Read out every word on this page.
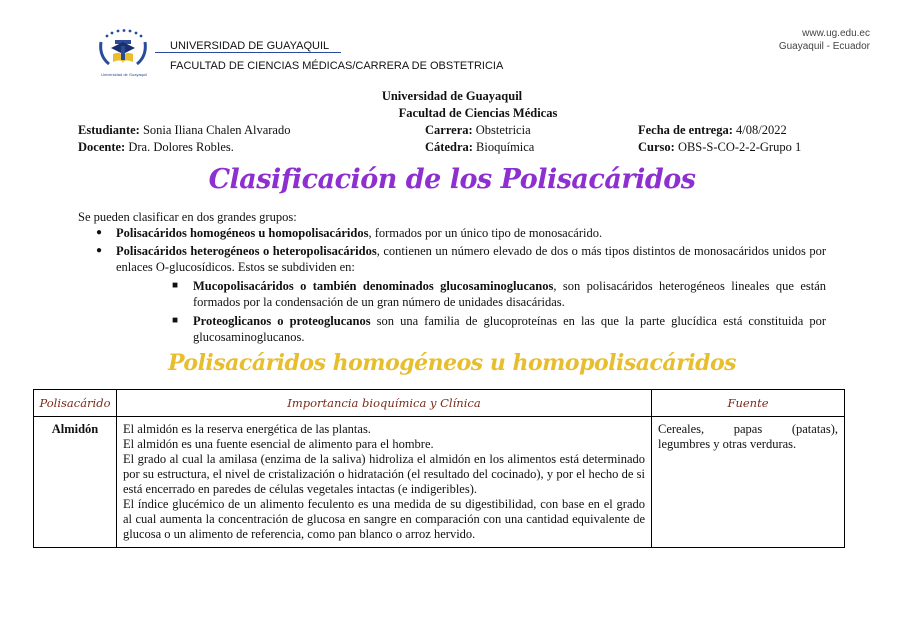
Universidad de Guayaquil
UNIVERSIDAD DE GUAYAQUIL
FACULTAD DE CIENCIAS MÉDICAS/CARRERA DE OBSTETRICIA
www.ug.edu.ec
Guayaquil - Ecuador
Universidad de Guayaquil
Facultad de Ciencias Médicas
Estudiante: Sonia Iliana Chalen Alvarado	Carrera: Obstetricia	Fecha de entrega: 4/08/2022
Docente: Dra. Dolores Robles.	Cátedra: Bioquímica	Curso: OBS-S-CO-2-2-Grupo 1
Clasificación de los Polisacáridos
Se pueden clasificar en dos grandes grupos:
● Polisacáridos homogéneos u homopolisacáridos, formados por un único tipo de monosacárido.
● Polisacáridos heterogéneos o heteropolisacáridos, contienen un número elevado de dos o más tipos distintos de monosacáridos unidos por enlaces O-glucosídicos. Estos se subdividen en:
■ Mucopolisacáridos o también denominados glucosaminoglucanos, son polisacáridos heterogéneos lineales que están formados por la condensación de un gran número de unidades disacáridas.
■ Proteoglicanos o proteoglucanos son una familia de glucoproteínas en las que la parte glucídica está constituida por glucosaminoglucanos.
Polisacáridos homogéneos u homopolisacáridos
Polisacárido	Importancia bioquímica y Clínica	Fuente
Almidón	El almidón es la reserva energética de las plantas.
El almidón es una fuente esencial de alimento para el hombre.
El grado al cual la amilasa (enzima de la saliva) hidroliza el almidón en los alimentos está determinado por su estructura, el nivel de cristalización o hidratación (el resultado del cocinado), y por el hecho de si está encerrado en paredes de células vegetales intactas (e indigeribles).
El índice glucémico de un alimento feculento es una medida de su digestibilidad, con base en el grado al cual aumenta la concentración de glucosa en sangre en comparación con una cantidad equivalente de glucosa o un alimento de referencia, como pan blanco o arroz hervido.	Cereales, papas (patatas), legumbres y otras verduras.
